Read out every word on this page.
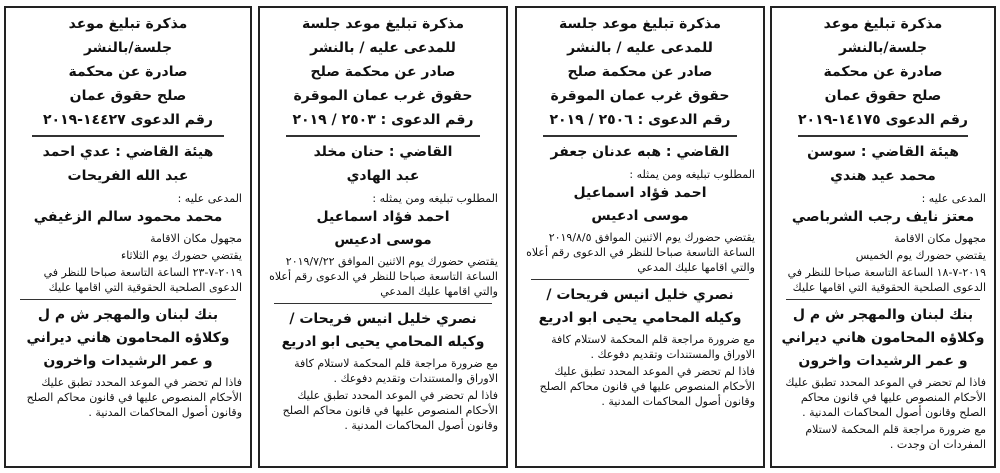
مذكرة تبليغ موعد

جلسة/بالنشر

صادرة عن محكمة

صلح حقوق عمان

رقم الدعوى ١٤١٧٥-٢٠١٩

هيئة القاضي : سوسن

محمد عيد هندي

المدعى عليه :

معتز نايف رجب الشرباصي

مجهول مكان الاقامة

يقتضي حضورك يوم الخميس

٢٠١٩-٧-١٨ الساعة التاسعة صباحا للنظر في الدعوى الصلحية الحقوقية التي اقامها عليك

بنك لبنان والمهجر ش م ل

وكلاؤه المحامون هاني ديراني

و عمر الرشيدات واخرون

فاذا لم تحضر في الموعد المحدد تطبق عليك الأحكام المنصوص عليها في قانون محاكم الصلح وقانون أصول المحاكمات المدنية .

مع ضرورة مراجعة قلم المحكمة لاستلام المفردات ان وجدت .

مذكرة تبليغ موعد جلسة

للمدعى عليه / بالنشر

صادر عن محكمة صلح

حقوق غرب عمان الموقرة

رقم الدعوى : ٢٥٠٦ / ٢٠١٩

القاضي : هبه عدنان جعفر

المطلوب تبليغه ومن يمثله :

احمد فؤاد اسماعيل

موسى ادعيس

يقتضي حضورك يوم الاثنين الموافق ٢٠١٩/٨/٥ الساعة التاسعة صباحا للنظر في الدعوى رقم أعلاه والتي اقامها عليك المدعي

نصري خليل انيس فريحات /

وكيله المحامي يحيى ابو ادريع

مع ضرورة مراجعة قلم المحكمة لاستلام كافة الاوراق والمستندات وتقديم دفوعك .

فاذا لم تحضر في الموعد المحدد تطبق عليك الأحكام المنصوص عليها في قانون محاكم الصلح وقانون أصول المحاكمات المدنية .

مذكرة تبليغ موعد جلسة

للمدعى عليه / بالنشر

صادر عن محكمة صلح

حقوق غرب عمان الموقرة

رقم الدعوى : ٢٥٠٣ / ٢٠١٩

القاضي : حنان مخلد

عبد الهادي

المطلوب تبليغه ومن يمثله :

احمد فؤاد اسماعيل

موسى ادعيس

يقتضي حضورك يوم الاثنين الموافق ٢٠١٩/٧/٢٢ الساعة التاسعة صباحا للنظر في الدعوى رقم أعلاه والتي اقامها عليك المدعي

نصري خليل انيس فريحات /

وكيله المحامي يحيى ابو ادريع

مع ضرورة مراجعة قلم المحكمة لاستلام كافة الاوراق والمستندات وتقديم دفوعك .

فاذا لم تحضر في الموعد المحدد تطبق عليك الأحكام المنصوص عليها في قانون محاكم الصلح وقانون أصول المحاكمات المدنية .

مذكرة تبليغ موعد

جلسة/بالنشر

صادرة عن محكمة

صلح حقوق عمان

رقم الدعوى ١٤٤٢٧-٢٠١٩

هيئة القاضي : عدي احمد

عبد الله الفريحات

المدعى عليه :

محمد محمود سالم الزغيفي

مجهول مكان الاقامة

يقتضي حضورك يوم الثلاثاء

٢٠١٩-٧-٢٣ الساعة التاسعة صباحا للنظر في الدعوى الصلحية الحقوقية التي اقامها عليك

بنك لبنان والمهجر ش م ل

وكلاؤه المحامون هاني ديراني

و عمر الرشيدات واخرون

فاذا لم تحضر في الموعد المحدد تطبق عليك الأحكام المنصوص عليها في قانون محاكم الصلح وقانون أصول المحاكمات المدنية .
